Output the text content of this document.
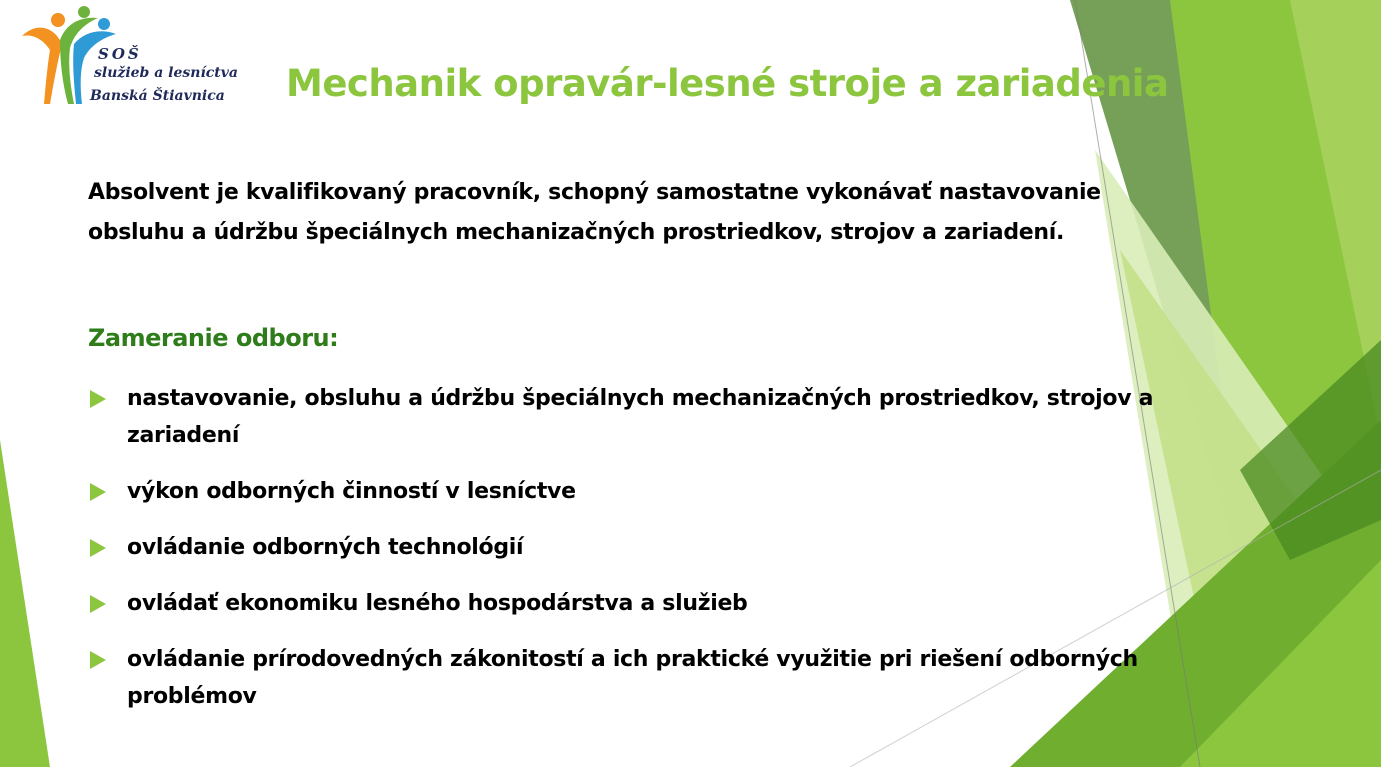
SOŠ
služieb a lesníctva
Banská Štiavnica Mechanik opravár-lesné stroje a zariadenia
Absolvent je kvalifikovaný pracovník, schopný samostatne vykonávať nastavovanie obsluhu a údržbu špeciálnych mechanizačných prostriedkov, strojov a zariadení.
Zameranie odboru:
nastavovanie, obsluhu a údržbu špeciálnych mechanizačných prostriedkov, strojov a zariadení
výkon odborných činností v lesníctve
ovládanie odborných technológií
ovládať ekonomiku lesného hospodárstva a služieb
ovládanie prírodovedných zákonitostí a ich praktické využitie pri riešení odborných problémov
